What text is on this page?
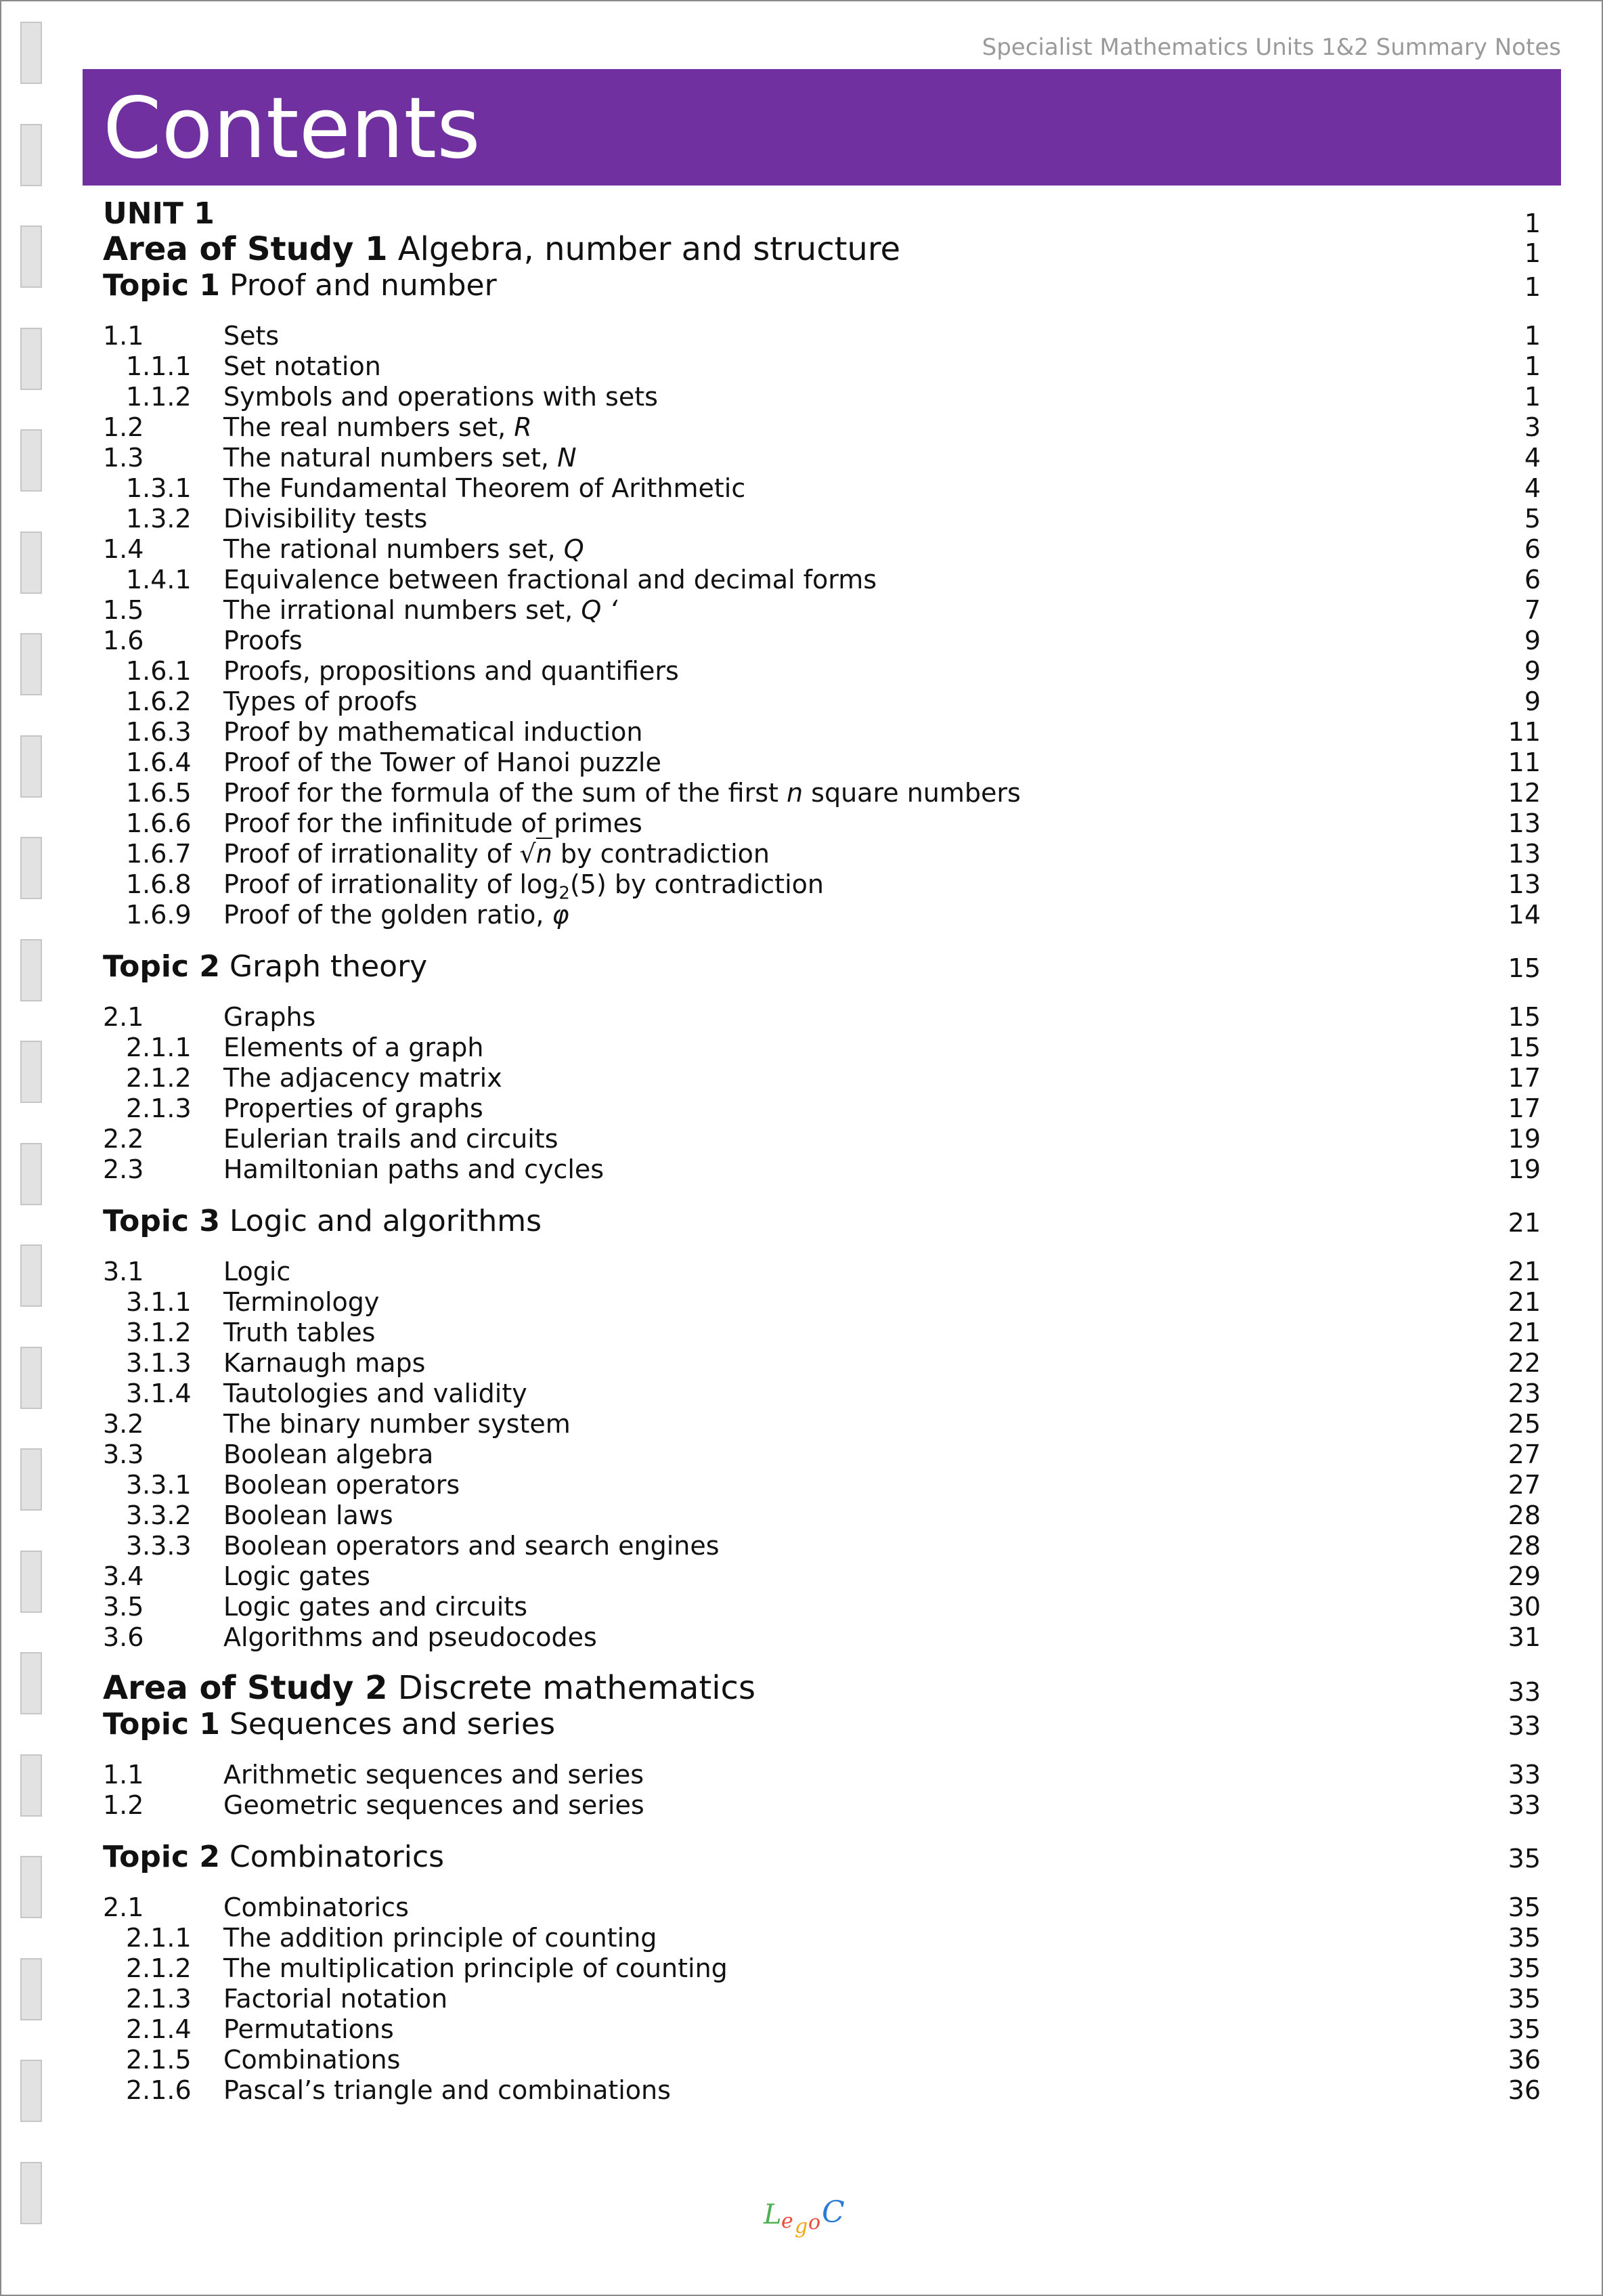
Specialist Mathematics Units 1&2 Summary Notes
Contents
UNIT 1	1
Area of Study 1 Algebra, number and structure	1
Topic 1 Proof and number	1
1.1	Sets	1
1.1.1 Set notation	1
1.1.2 Symbols and operations with sets	1
1.2	The real numbers set, R	3
1.3	The natural numbers set, N	4
1.3.1 The Fundamental Theorem of Arithmetic	4
1.3.2 Divisibility tests	5
1.4	The rational numbers set, Q	6
1.4.1 Equivalence between fractional and decimal forms	6
1.5	The irrational numbers set, Q ‘	7
1.6	Proofs	9
1.6.1 Proofs, propositions and quantifiers	9
1.6.2 Types of proofs	9
1.6.3 Proof by mathematical induction	11
1.6.4 Proof of the Tower of Hanoi puzzle	11
1.6.5 Proof for the formula of the sum of the first n square numbers	12
1.6.6 Proof for the infinitude of primes	13
1.6.7 Proof of irrationality of √n by contradiction	13
1.6.8 Proof of irrationality of $\log_2(5)$ by contradiction	13
1.6.9 Proof of the golden ratio, φ	14
Topic 2 Graph theory	15
2.1	Graphs	15
2.1.1 Elements of a graph	15
2.1.2 The adjacency matrix	17
2.1.3 Properties of graphs	17
2.2	Eulerian trails and circuits	19
2.3	Hamiltonian paths and cycles	19
Topic 3 Logic and algorithms	21
3.1	Logic	21
3.1.1 Terminology	21
3.1.2 Truth tables	21
3.1.3 Karnaugh maps	22
3.1.4 Tautologies and validity	23
3.2	The binary number system	25
3.3	Boolean algebra	27
3.3.1 Boolean operators	27
3.3.2 Boolean laws	28
3.3.3 Boolean operators and search engines	28
3.4	Logic gates	29
3.5	Logic gates and circuits	30
3.6	Algorithms and pseudocodes	31
Area of Study 2 Discrete mathematics	33
Topic 1 Sequences and series	33
1.1	Arithmetic sequences and series	33
1.2	Geometric sequences and series	33
Topic 2 Combinatorics	35
2.1	Combinatorics	35
2.1.1 The addition principle of counting	35
2.1.2 The multiplication principle of counting	35
2.1.3 Factorial notation	35
2.1.4 Permutations	35
2.1.5 Combinations	36
2.1.6 Pascal’s triangle and combinations	36
L e g o C
